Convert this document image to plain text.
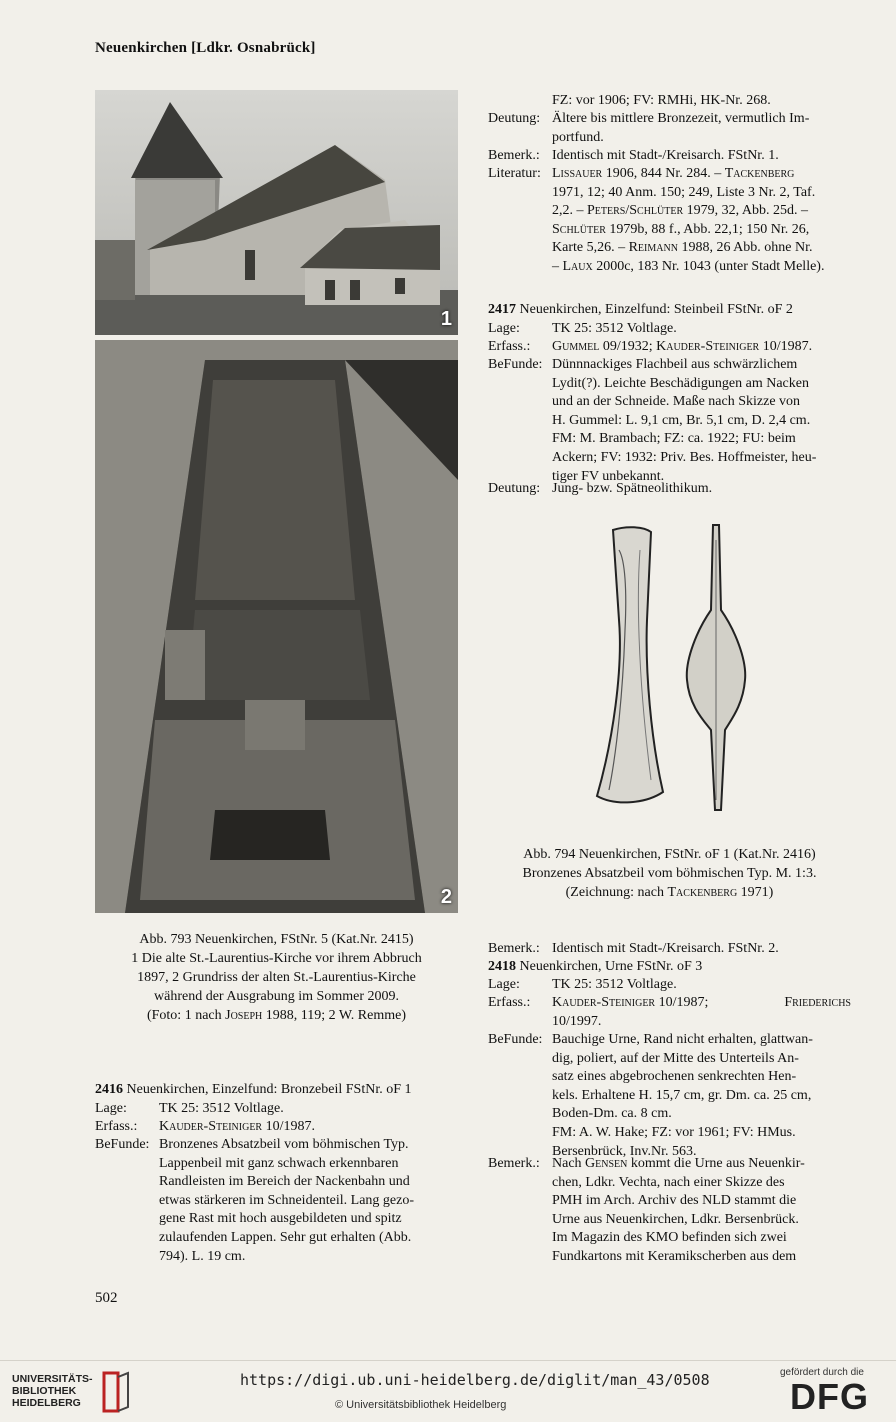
Neuenkirchen [Ldkr. Osnabrück]
1
2
Abb. 793 Neuenkirchen, FStNr. 5 (Kat.Nr. 2415)
1 Die alte St.-Laurentius-Kirche vor ihrem Abbruch
1897, 2 Grundriss der alten St.-Laurentius-Kirche
während der Ausgrabung im Sommer 2009.
(Foto: 1 nach Joseph 1988, 119; 2 W. Remme)
2416 Neuenkirchen, Einzelfund: Bronzebeil FStNr. oF 1
Lage: TK 25: 3512 Voltlage.
Erfass.: Kauder-Steiniger 10/1987.
BeFunde: Bronzenes Absatzbeil vom böhmischen Typ.
Lappenbeil mit ganz schwach erkennbaren
Randleisten im Bereich der Nackenbahn und
etwas stärkeren im Schneidenteil. Lang gezo-
gene Rast mit hoch ausgebildeten und spitz
zulaufenden Lappen. Sehr gut erhalten (Abb.
794). L. 19 cm.
FZ: vor 1906; FV: RMHi, HK-Nr. 268.
Deutung: Ältere bis mittlere Bronzezeit, vermutlich Im-
portfund.
Bemerk.: Identisch mit Stadt-/Kreisarch. FStNr. 1.
Literatur: Lissauer 1906, 844 Nr. 284. – Tackenberg
1971, 12; 40 Anm. 150; 249, Liste 3 Nr. 2, Taf.
2,2. – Peters/Schlüter 1979, 32, Abb. 25d. –
Schlüter 1979b, 88 f., Abb. 22,1; 150 Nr. 26,
Karte 5,26. – Reimann 1988, 26 Abb. ohne Nr.
– Laux 2000c, 183 Nr. 1043 (unter Stadt Melle).
2417 Neuenkirchen, Einzelfund: Steinbeil FStNr. oF 2
Lage: TK 25: 3512 Voltlage.
Erfass.: Gummel 09/1932; Kauder-Steiniger 10/1987.
BeFunde: Dünnnackiges Flachbeil aus schwärzlichem
Lydit(?). Leichte Beschädigungen am Nacken
und an der Schneide. Maße nach Skizze von
H. Gummel: L. 9,1 cm, Br. 5,1 cm, D. 2,4 cm.
FM: M. Brambach; FZ: ca. 1922; FU: beim
Ackern; FV: 1932: Priv. Bes. Hoffmeister, heu-
tiger FV unbekannt.
Deutung: Jung- bzw. Spätneolithikum.
Abb. 794 Neuenkirchen, FStNr. oF 1 (Kat.Nr. 2416)
Bronzenes Absatzbeil vom böhmischen Typ. M. 1:3.
(Zeichnung: nach Tackenberg 1971)
Bemerk.: Identisch mit Stadt-/Kreisarch. FStNr. 2.
2418 Neuenkirchen, Urne FStNr. oF 3
Lage: TK 25: 3512 Voltlage.
Erfass.: Kauder-Steiniger 10/1987;	Friederichs
10/1997.
BeFunde: Bauchige Urne, Rand nicht erhalten, glattwan-
dig, poliert, auf der Mitte des Unterteils An-
satz eines abgebrochenen senkrechten Hen-
kels. Erhaltene H. 15,7 cm, gr. Dm. ca. 25 cm,
Boden-Dm. ca. 8 cm.
FM: A. W. Hake; FZ: vor 1961; FV: HMus.
Bersenbrück, Inv.Nr. 563.
Bemerk.: Nach Gensen kommt die Urne aus Neuenkir-
chen, Ldkr. Vechta, nach einer Skizze des
PMH im Arch. Archiv des NLD stammt die
Urne aus Neuenkirchen, Ldkr. Bersenbrück.
Im Magazin des KMO befinden sich zwei
Fundkartons mit Keramikscherben aus dem
502
UNIVERSITÄTS-
BIBLIOTHEK
HEIDELBERG
https://digi.ub.uni-heidelberg.de/diglit/man_43/0508
© Universitätsbibliothek Heidelberg
gefördert durch die
DFG
